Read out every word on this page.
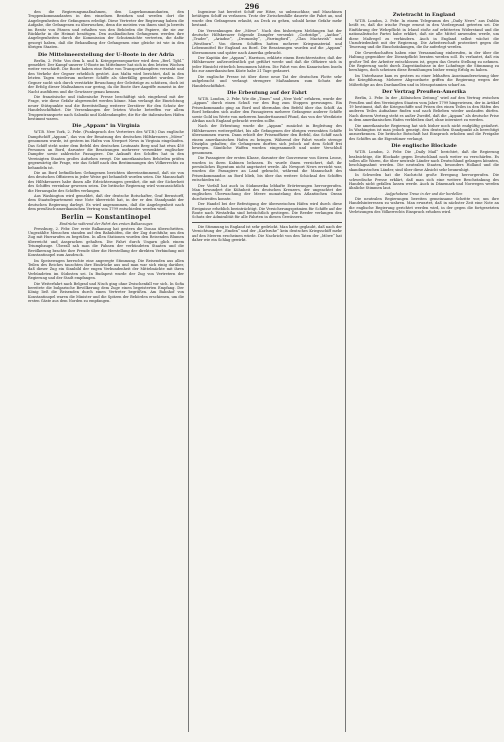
296

den die Regierungsmaßnahmen, den Lagerkommandanten, den Truppenkommandanten in den einzelnen Bezirken und werden dort die Angelegenheiten der Gefangenen erledigt. Diese Vertreter der Regierung haben die Aufgabe, die Gefangenen zu überwachen, denn die meisten von ihnen sind ja bereits im Besitz von Pässen und erhalten von den Behörden die Papiere, die sie zur Rückkehr in die Heimat benötigen. Den ausländischen Gefangenen werden ihre Angelegenheiten durch die Kommission der Schutzmächte vertreten, die dafür gesorgt haben, daß die Behandlung der Gefangenen eine gleiche ist wie in den übrigen Staaten.

Die Mittelmeerstellung der U-Boote in der Adria

Berlin, 2. Febr. Von dem k. und k. Kriegspressequartier wird dem „Berl. Tgbl.“ gemeldet: Der Kampf unserer U-Boote im Mittelmeer hat sich in den letzten Wochen weiter verschärft. Die Boote haben eine Reihe von Transportdampfern versenkt und den Verkehr der Gegner erheblich gestört. Aus Malta wird berichtet, daß in den letzten Tagen wiederum mehrere Schiffe als überfällig gemeldet wurden. Der Gegner sucht sich durch verstärkte Bewachung der Geleitzüge zu schützen, doch ist der Erfolg dieser Maßnahmen nur gering, da die Boote ihre Angriffe zumeist in der Nacht ausführen und die Gewässer genau kennen.

Die französische und italienische Presse beschäftigt sich eingehend mit der Frage, wie diese Gefahr abgewendet werden könne. Man verlangt die Einrichtung neuer Stützpunkte und die Bereitstellung weiterer Zerstörer für den Schutz der Handelsschiffahrt. Die Versenkungen der letzten Woche betreffen vor allem Truppentransporte nach Saloniki und Kohlendampfer, die für die italienischen Häfen bestimmt waren.

Die „Appam“ in Virginia

W.T.B. New York, 2. Febr. (Funkspruch des Vertreters des W.T.B.) Das englische Dampfschiff „Appam“, das von der Besatzung des deutschen Hilfskreuzers „Möwe“ genommen wurde, ist gestern im Hafen von Newport News in Virginia eingelaufen. Das Schiff steht unter dem Befehl des deutschen Leutnants Berg und hat etwa 450 Personen an Bord, darunter die Besatzungen mehrerer versenkter englischer Dampfer sowie zahlreiche Passagiere. Die Ankunft des Schiffes hat in den Vereinigten Staaten großes Aufsehen erregt. Die amerikanischen Behörden prüfen gegenwärtig die Frage, wie das Schiff nach den Bestimmungen des Völkerrechts zu behandeln ist.

Die an Bord befindlichen Gefangenen berichten übereinstimmend, daß sie von den deutschen Offizieren in jeder Weise gut behandelt worden seien. Die Mannschaft des Hilfskreuzers habe ihnen alle Erleichterungen gewährt, die mit der Sicherheit des Schiffes vereinbar gewesen seien. Die britische Regierung wird voraussichtlich die Herausgabe des Schiffes verlangen.

Aus Washington wird gemeldet, daß der deutsche Botschafter, Graf Bernstorff, dem Staatsdepartement eine Note überreicht hat, in der er den Standpunkt der deutschen Regierung darlegt. Es wird angenommen, daß die Angelegenheit nach dem preußisch-amerikanischen Vertrag von 1799 entschieden werden wird.

Berlin — Konstantinopel
Eindrücke während der Fahrt des ersten Balkanzuges

Pressburg, 2. Febr. Der erste Balkanzug hat gestern die Donau überschritten. Ungezählte Menschen standen auf den Bahnhöfen, die der Zug durchfuhr, um den Zug mit Hurrarufen zu begrüßen. In allen Stationen wurden den Reisenden Blumen überreicht und Ansprachen gehalten. Die Fahrt durch Ungarn glich einem Triumphzuge. Überall sah man die Fahnen der verbündeten Staaten und die Bevölkerung brachte ihre Freude über die Herstellung der direkten Verbindung mit Konstantinopel zum Ausdruck.

Im Speisewagen herrschte eine angeregte Stimmung. Die Reisenden aus allen Teilen des Reiches tauschten ihre Eindrücke aus und man war sich einig darüber, daß dieser Zug ein Sinnbild der engen Verbundenheit der Mittelmächte mit ihren Verbündeten im Südosten sei. In Budapest wurde der Zug von Vertretern der Regierung und der Stadt empfangen.

Die Weiterfahrt nach Belgrad und Nisch ging ohne Zwischenfall vor sich. In Sofia bereitete die bulgarische Bevölkerung dem Zuge einen begeisterten Empfang. Der König ließ die Reisenden durch einen Vertreter begrüßen. Am Bahnhof von Konstantinopel waren die Minister und die Spitzen der Behörden erschienen, um die ersten Gäste aus dem Norden zu empfangen.

Ingenieur hat bereitet Schiff zur Hitze, so unbrauchbar, und Maschinen betätigen Schiff zu verlassen. Trotz der Zwischenfälle dauerte die Fahrt an, und wurde den Gefangenen erlaubt, an Deck zu gehen, sobald keine Gefahr mehr bestand.

Die Versenkungen der „Möwe“. Nach den bisherigen Meldungen hat der deutsche Hilfskreuzer folgende Dampfer versenkt: „Corbridge“, „Author“, „Trader“, „Ariadne“, „Dromonby“, „Farringford“, „Clan Mactavish“ und „Westburn“. Von diesen Schiffen hatten mehrere Kriegsmaterial und Lebensmittel für England an Bord. Die Besatzungen wurden auf die „Appam“ übernommen und später nach Amerika gebracht.

Der Kapitän der „Appam“, Harrison, erklärte einem Berichterstatter, daß der Hilfskreuzer außerordentlich gut geführt werde und daß die Offiziere sich in jeder Hinsicht ritterlich benommen hätten. Die Fahrt von den Kanarischen Inseln bis zur amerikanischen Küste habe 21 Tage gedauert.

Die englische Presse ist über diese neue Tat der deutschen Flotte sehr aufgebracht und verlangt strengere Maßnahmen zum Schutz der Handelsschiffahrt.

Die Erbeutung auf der Fahrt

W.T.B. London, 2. Febr. Wie die „Times“ und „New York“ erfahren, wurde der „Appam“ durch einen Schuß vor den Bug zum Stoppen gezwungen. Ein Prisenkommando ging an Bord und übernahm den Befehl über das Schiff. An Bord befanden sich außer den Passagieren mehrere Gefangene anderer Schiffe sowie Gold im Werte von mehreren hunderttausend Pfund, das von der Westküste Afrikas nach England gebracht werden sollte.

Nach der Erbeutung wurde die „Appam“ zunächst in Begleitung des Hilfskreuzers weitergeführt, bis alle Gefangenen der übrigen versenkten Schiffe übernommen waren. Dann erhielt der Prisenoffizier den Befehl, das Schiff nach einem amerikanischen Hafen zu bringen. Während der Fahrt wurde strenge Disziplin gehalten; die Gefangenen durften sich jedoch auf dem Schiff frei bewegen. Sämtliche Waffen wurden eingesammelt und unter Verschluß genommen.

Die Passagiere der ersten Klasse, darunter der Gouverneur von Sierra Leone, wurden in ihren Kabinen belassen. Es wurde ihnen versichert, daß ihr persönliches Eigentum nicht angetastet werde. Als Newport News erreicht war, wurden die Passagiere an Land gebracht, während die Mannschaft des Prisenkommandos an Bord blieb, bis über das weitere Schicksal des Schiffes entschieden ist.

Der Vorfall hat auch in Südamerika lebhafte Erörterungen hervorgerufen. Man bewundert die Kühnheit des deutschen Kreuzers, der ungeachtet der englischen Überwachung der Meere monatelang den Atlantischen Ozean durchstreifen konnte.

Der Handel bei der Befestigung der überseeischen Häfen wird durch diese Ereignisse erheblich beeinträchtigt. Die Versicherungsprämien für Schiffe auf der Route nach Westafrika sind beträchtlich gestiegen. Die Reeder verlangen den Schutz der Admiralität für alle Fahrten in diesen Gewässern.

Die Stimmung in England ist sehr gedrückt. Man hatte geglaubt, daß nach der Vernichtung der „Emden“ und der „Karlsruhe“ kein deutsches Kriegsschiff mehr auf den Meeren erscheinen würde. Die Nachricht von den Taten der „Möwe“ hat daher wie ein Schlag gewirkt.

Zwietracht in England

W.T.B. London, 2. Febr. In einem Telegramm des „Daily News“ aus Dublin heißt es, daß die irische Frage erneut in den Vordergrund getreten sei. Die Einführung der Wehrpflicht in Irland stoße auf erbitterten Widerstand und die nationalistische Partei habe erklärt, daß sie alle Mittel anwenden werde, um diese Maßregel zu verhindern. Auch in England selbst wächst die Unzufriedenheit mit der Regierung. Die Arbeiterschaft protestiert gegen die Teuerung und die Einschränkungen, die ihr auferlegt werden.

Die Gewerkschaften haben eine Versammlung einberufen, in der über die Haltung gegenüber der Dienstpflicht beraten werden soll. Es verlautet, daß ein großer Teil der Arbeiter entschlossen ist, gegen das Gesetz Stellung zu nehmen. Die Regierung sucht durch Zugeständnisse in der Lohnfrage die Stimmung zu beruhigen, doch scheinen diese Bemühungen bisher wenig Erfolg zu haben.

Im Unterhause kam es gestern zu einer lebhaften Auseinandersetzung über die Kriegführung. Mehrere Abgeordnete griffen die Regierung wegen der Mißerfolge an den Dardanellen und in Mesopotamien scharf an.

Der Vertrag Preußen-Amerika

Berlin, 2. Febr. In der „Kölnischen Zeitung“ wird auf den Vertrag zwischen Preußen und den Vereinigten Staaten vom Jahre 1799 hingewiesen, der in Artikel 19 bestimmt, daß die Kriegsschiffe und Prisen des einen Teiles in den Häfen des anderen Teiles Aufnahme finden und nach Belieben wieder auslaufen dürfen. Nach diesem Vertrag steht es außer Zweifel, daß die „Appam“ als deutsche Prise in dem amerikanischen Hafen verbleiben darf, ohne interniert zu werden.

Die amerikanische Regierung hat sich bisher noch nicht endgültig geäußert. In Washington ist man jedoch geneigt, den deutschen Standpunkt als berechtigt anzuerkennen. Die britische Botschaft hat Einspruch erhoben und die Freigabe des Schiffes an die Eigentümer verlangt.

Die englische Blockade

W.T.B. London, 2. Febr. Die „Daily Mail“ berichtet, daß die Regierung beabsichtige, die Blockade gegen Deutschland noch weiter zu verschärfen. Es sollen alle Waren, die über neutrale Länder nach Deutschland gelangen könnten, beschlagnahmt werden. Die neutralen Staaten, besonders Holland und die skandinavischen Länder, sind über diese Absicht sehr beunruhigt.

In Schweden hat die Nachricht große Erregung hervorgerufen. Die schwedische Presse erklärt, daß man sich eine weitere Beschränkung des Handels nicht gefallen lassen werde. Auch in Dänemark und Norwegen werden ähnliche Stimmen laut.

Aufgehobene Treue in der und der bordellen

Die neutralen Regierungen bereiten gemeinsame Schritte vor, um ihre Handelsinteressen zu wahren. Man erwartet, daß in nächster Zeit eine Note an die englische Regierung gerichtet werden wird, in der gegen die fortgesetzten Verletzungen des Völkerrechts Einspruch erhoben wird.
